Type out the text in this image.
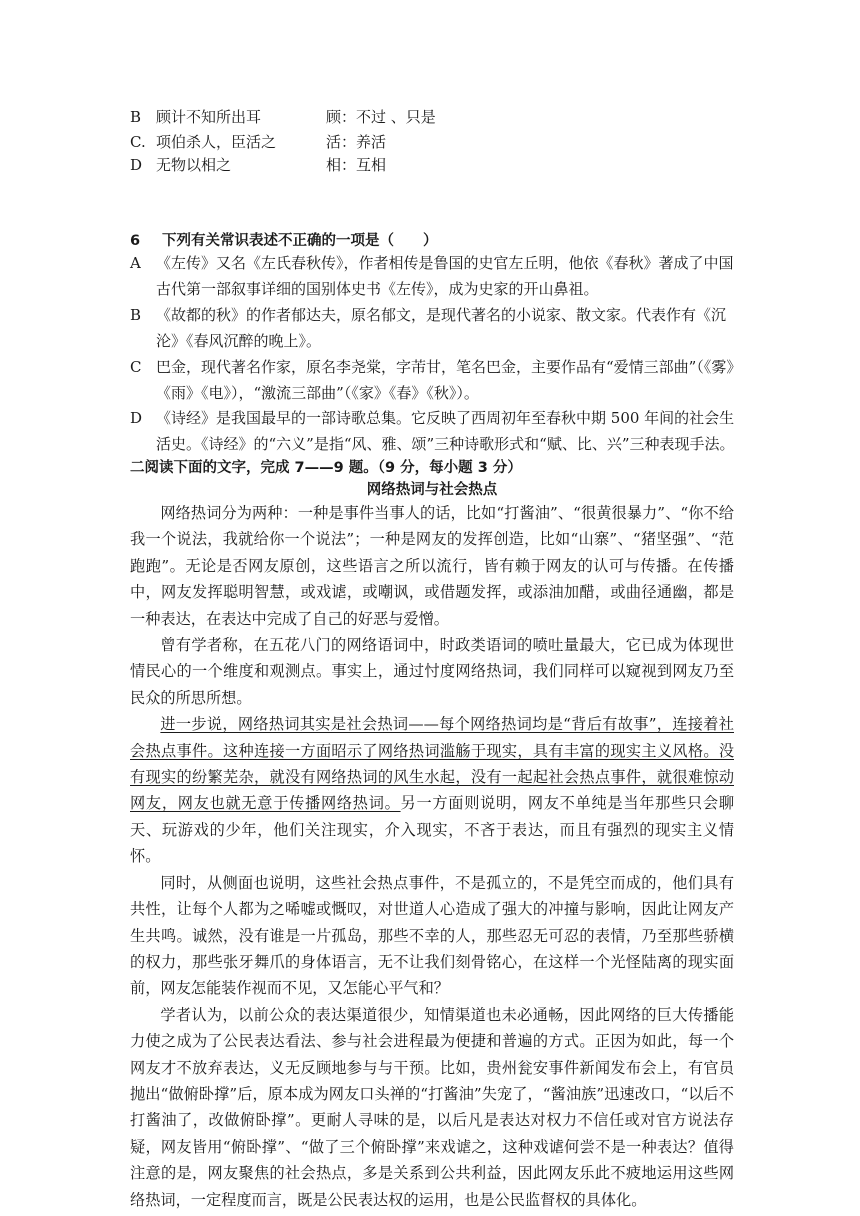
B 顾计不知所出耳	顾：不过 、只是
C. 项伯杀人，臣活之	活：养活
D 无物以相之	相：互相
6 下列有关常识表述不正确的一项是（　　）
A 《左传》又名《左氏春秋传》，作者相传是鲁国的史官左丘明，他依《春秋》著成了中国古代第一部叙事详细的国别体史书《左传》，成为史家的开山鼻祖。
B 《故都的秋》的作者郁达夫，原名郁文，是现代著名的小说家、散文家。代表作有《沉沦》《春风沉醉的晚上》。
C 巴金，现代著名作家，原名李尧棠，字芾甘，笔名巴金，主要作品有“爱情三部曲”（《雾》《雨》《电》），“激流三部曲”（《家》《春》《秋》）。
D 《诗经》是我国最早的一部诗歌总集。它反映了西周初年至春秋中期 500 年间的社会生活史。《诗经》的“六义”是指“风、雅、颂”三种诗歌形式和“赋、比、兴”三种表现手法。
二阅读下面的文字，完成 7——9 题。（9 分，每小题 3 分）
网络热词与社会热点

网络热词分为两种：一种是事件当事人的话，比如“打酱油”、“很黄很暴力”、“你不给我一个说法，我就给你一个说法”；一种是网友的发挥创造，比如“山寨”、“猪坚强”、“范跑跑”。无论是否网友原创，这些语言之所以流行，皆有赖于网友的认可与传播。在传播中，网友发挥聪明智慧，或戏谑，或嘲讽，或借题发挥，或添油加醋，或曲径通幽，都是一种表达，在表达中完成了自己的好恶与爱憎。

曾有学者称，在五花八门的网络语词中，时政类语词的喷吐量最大，它已成为体现世情民心的一个维度和观测点。事实上，通过忖度网络热词，我们同样可以窥视到网友乃至民众的所思所想。

进一步说，网络热词其实是社会热词——每个网络热词均是“背后有故事”，连接着社会热点事件。这种连接一方面昭示了网络热词滥觞于现实，具有丰富的现实主义风格。没有现实的纷繁芜杂，就没有网络热词的风生水起，没有一起起社会热点事件，就很难惊动网友，网友也就无意于传播网络热词。另一方面则说明，网友不单纯是当年那些只会聊天、玩游戏的少年，他们关注现实，介入现实，不吝于表达，而且有强烈的现实主义情怀。

同时，从侧面也说明，这些社会热点事件，不是孤立的，不是凭空而成的，他们具有共性，让每个人都为之唏嘘或慨叹，对世道人心造成了强大的冲撞与影响，因此让网友产生共鸣。诚然，没有谁是一片孤岛，那些不幸的人，那些忍无可忍的表情，乃至那些骄横的权力，那些张牙舞爪的身体语言，无不让我们刻骨铭心，在这样一个光怪陆离的现实面前，网友怎能装作视而不见，又怎能心平气和？

学者认为，以前公众的表达渠道很少，知情渠道也未必通畅，因此网络的巨大传播能力使之成为了公民表达看法、参与社会进程最为便捷和普遍的方式。正因为如此，每一个网友才不放弃表达，义无反顾地参与与干预。比如，贵州瓮安事件新闻发布会上，有官员抛出“做俯卧撑”后，原本成为网友口头禅的“打酱油”失宠了，“酱油族”迅速改口，“以后不打酱油了，改做俯卧撑”。更耐人寻味的是，以后凡是表达对权力不信任或对官方说法存疑，网友皆用“俯卧撑”、“做了三个俯卧撑”来戏谑之，这种戏谑何尝不是一种表达？值得注意的是，网友聚焦的社会热点，多是关系到公共利益，因此网友乐此不疲地运用这些网络热词，一定程度而言，既是公民表达权的运用，也是公民监督权的具体化。
